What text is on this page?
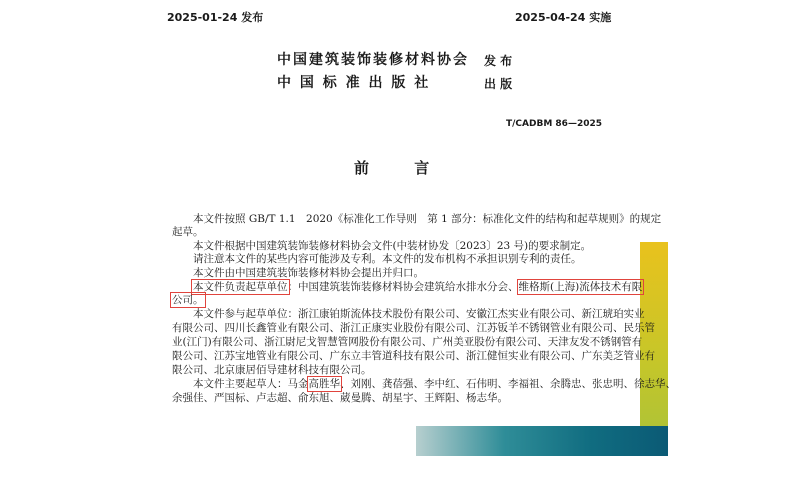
2025-01-24 发布	2025-04-24 实施
中国建筑装饰装修材料协会 发 布
中 国 标 准 出 版 社	出 版
T/CADBM 86—2025
前 言
本文件按照 GB/T 1.1　2020《标准化工作导则　第 1 部分：标准化文件的结构和起草规则》的规定
起草。
本文件根据中国建筑装饰装修材料协会文件(中装材协发〔2023〕23 号)的要求制定。
请注意本文件的某些内容可能涉及专利。本文件的发布机构不承担识别专利的责任。
本文件由中国建筑装饰装修材料协会提出并归口。
本文件负责起草单位：中国建筑装饰装修材料协会建筑给水排水分会、维格斯(上海)流体技术有限
公司。
本文件参与起草单位：浙江康铂斯流体技术股份有限公司、安徽江杰实业有限公司、新江琥珀实业
有限公司、四川长鑫管业有限公司、浙江正康实业股份有限公司、江苏钣羊不锈钢管业有限公司、民乐管
业(江门)有限公司、浙江尉尼戈智慧管网股份有限公司、广州美亚股份有限公司、天津友发不锈钢管有
限公司、江苏宝地管业有限公司、广东立丰管道科技有限公司、浙江健恒实业有限公司、广东美芝管业有
限公司、北京康居佰导建材科技有限公司。
本文件主要起草人：马金高胜华、刘刚、龚蓓强、李中红、石伟明、李福祖、余腾忠、张忠明、徐志华、
余强佳、严国标、卢志超、俞东旭、葳曼腾、胡星宇、王辉阳、杨志华。
